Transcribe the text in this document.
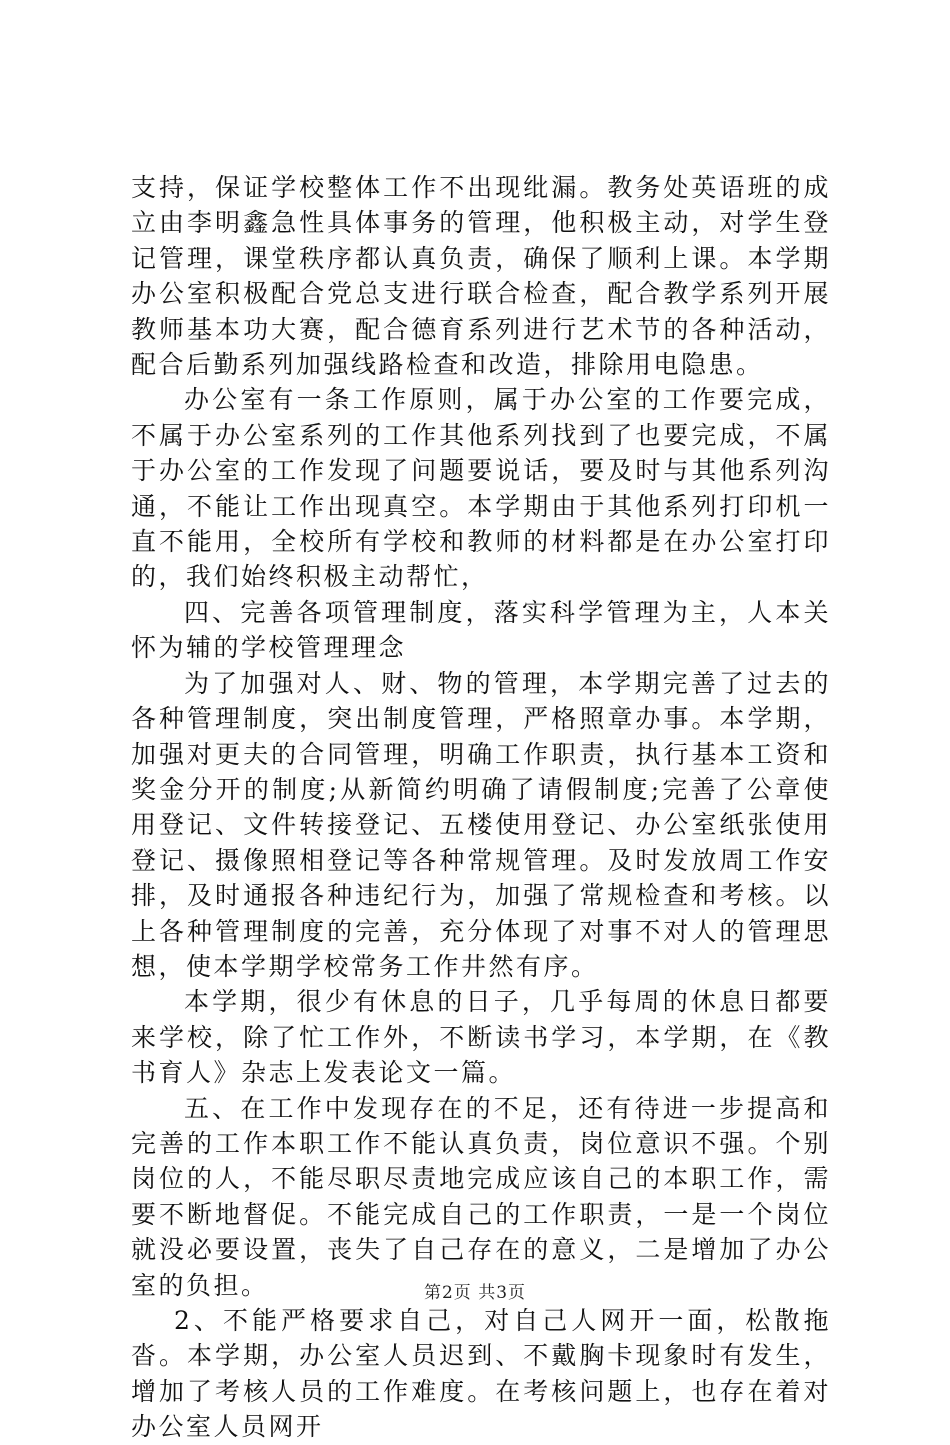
支持，保证学校整体工作不出现纰漏。教务处英语班的成立由李明鑫急性具体事务的管理，他积极主动，对学生登记管理，课堂秩序都认真负责，确保了顺利上课。本学期办公室积极配合党总支进行联合检查，配合教学系列开展教师基本功大赛，配合德育系列进行艺术节的各种活动，配合后勤系列加强线路检查和改造，排除用电隐患。

办公室有一条工作原则，属于办公室的工作要完成，不属于办公室系列的工作其他系列找到了也要完成，不属于办公室的工作发现了问题要说话，要及时与其他系列沟通，不能让工作出现真空。本学期由于其他系列打印机一直不能用，全校所有学校和教师的材料都是在办公室打印的，我们始终积极主动帮忙，

四、完善各项管理制度，落实科学管理为主，人本关怀为辅的学校管理理念

为了加强对人、财、物的管理，本学期完善了过去的各种管理制度，突出制度管理，严格照章办事。本学期，加强对更夫的合同管理，明确工作职责，执行基本工资和奖金分开的制度;从新简约明确了请假制度;完善了公章使用登记、文件转接登记、五楼使用登记、办公室纸张使用登记、摄像照相登记等各种常规管理。及时发放周工作安排，及时通报各种违纪行为，加强了常规检查和考核。以上各种管理制度的完善，充分体现了对事不对人的管理思想，使本学期学校常务工作井然有序。

本学期，很少有休息的日子，几乎每周的休息日都要来学校，除了忙工作外，不断读书学习，本学期，在《教书育人》杂志上发表论文一篇。

五、在工作中发现存在的不足，还有待进一步提高和完善的工作本职工作不能认真负责，岗位意识不强。个别岗位的人，不能尽职尽责地完成应该自己的本职工作，需要不断地督促。不能完成自己的工作职责，一是一个岗位就没必要设置，丧失了自己存在的意义，二是增加了办公室的负担。

2、不能严格要求自己，对自己人网开一面，松散拖沓。本学期，办公室人员迟到、不戴胸卡现象时有发生，增加了考核人员的工作难度。在考核问题上，也存在着对办公室人员网开

第2页 共3页
